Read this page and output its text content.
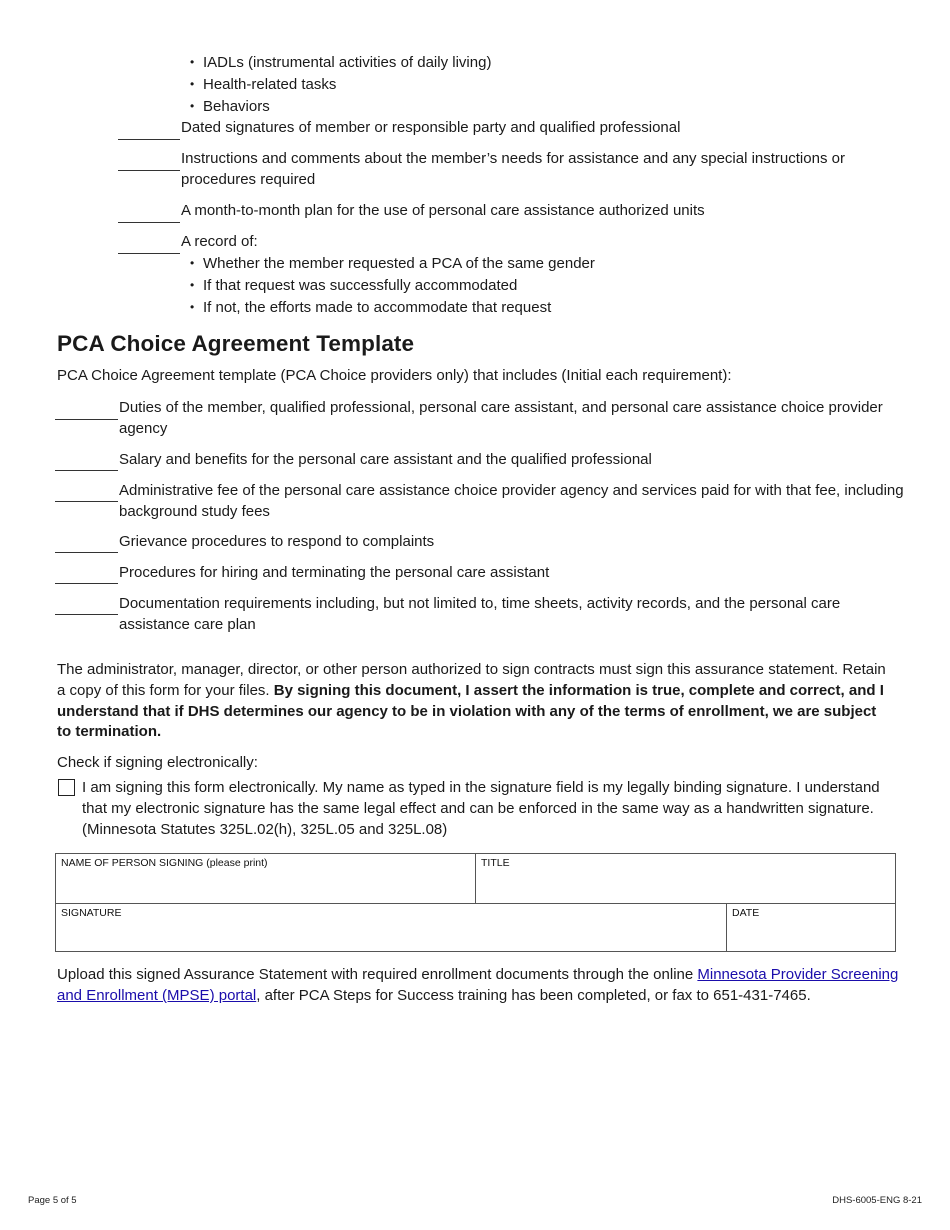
• IADLs (instrumental activities of daily living)
• Health-related tasks
• Behaviors
Dated signatures of member or responsible party and qualified professional
Instructions and comments about the member’s needs for assistance and any special instructions or procedures required
A month-to-month plan for the use of personal care assistance authorized units
A record of:
• Whether the member requested a PCA of the same gender
• If that request was successfully accommodated
• If not, the efforts made to accommodate that request
PCA Choice Agreement Template
PCA Choice Agreement template (PCA Choice providers only) that includes (Initial each requirement):
Duties of the member, qualified professional, personal care assistant, and personal care assistance choice provider agency
Salary and benefits for the personal care assistant and the qualified professional
Administrative fee of the personal care assistance choice provider agency and services paid for with that fee, including background study fees
Grievance procedures to respond to complaints
Procedures for hiring and terminating the personal care assistant
Documentation requirements including, but not limited to, time sheets, activity records, and the personal care assistance care plan
The administrator, manager, director, or other person authorized to sign contracts must sign this assurance statement. Retain a copy of this form for your files. By signing this document, I assert the information is true, complete and correct, and I understand that if DHS determines our agency to be in violation with any of the terms of enrollment, we are subject to termination.
Check if signing electronically:
I am signing this form electronically. My name as typed in the signature field is my legally binding signature. I understand that my electronic signature has the same legal effect and can be enforced in the same way as a handwritten signature. (Minnesota Statutes 325L.02(h), 325L.05 and 325L.08)
NAME OF PERSON SIGNING (please print)	TITLE	
SIGNATURE		DATE
Upload this signed Assurance Statement with required enrollment documents through the online Minnesota Provider Screening and Enrollment (MPSE) portal, after PCA Steps for Success training has been completed, or fax to 651-431-7465.
Page 5 of 5	DHS-6005-ENG 8-21
